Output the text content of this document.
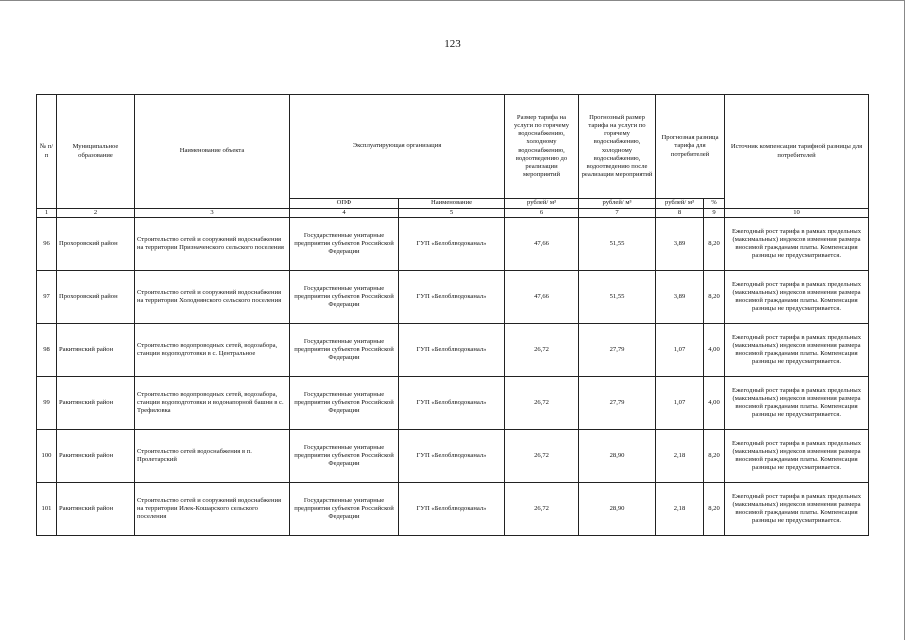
123
№ п/п	Муниципальное образование	Наименование объекта	Эксплуатирующая организация		Размер тарифа на услуги по горячему водоснабжению, холодному водоснабжению, водоотведению до реализации мероприятий	Прогнозный размер тарифа на услуги по горячему водоснабжению, холодному водоснабжению, водоотведению после реализации мероприятий	Прогнозная разница тарифа для потребителей		Источник компенсации тарифной разницы для потребителей
			ОПФ	Наименование	рублей/ м³	рублей/ м³	рублей/ м³	%	
1	2	3	4	5	6	7	8	9	10
96	Прохоровский район	Строительство сетей и сооружений водоснабжения на территории Призначенского сельского поселения	Государственные унитарные предприятия субъектов Российской Федерации	ГУП «Белоблводоканал»	47,66	51,55	3,89	8,20	Ежегодный рост тарифа в рамках предельных (максимальных) индексов изменения размера вносимой гражданами платы. Компенсация разницы не предусматривается.
97	Прохоровский район	Строительство сетей и сооружений водоснабжения на территории Холоднянского сельского поселения	Государственные унитарные предприятия субъектов Российской Федерации	ГУП «Белоблводоканал»	47,66	51,55	3,89	8,20	Ежегодный рост тарифа в рамках предельных (максимальных) индексов изменения размера вносимой гражданами платы. Компенсация разницы не предусматривается.
98	Ракитянский район	Строительство водопроводных сетей, водозабора, станции водоподготовки в с. Центральное	Государственные унитарные предприятия субъектов Российской Федерации	ГУП «Белоблводоканал»	26,72	27,79	1,07	4,00	Ежегодный рост тарифа в рамках предельных (максимальных) индексов изменения размера вносимой гражданами платы. Компенсация разницы не предусматривается.
99	Ракитянский район	Строительство водопроводных сетей, водозабора, станции водоподготовки и водонапорной башни в с. Трефиловка	Государственные унитарные предприятия субъектов Российской Федерации	ГУП «Белоблводоканал»	26,72	27,79	1,07	4,00	Ежегодный рост тарифа в рамках предельных (максимальных) индексов изменения размера вносимой гражданами платы. Компенсация разницы не предусматривается.
100	Ракитянский район	Строительство сетей водоснабжения в п. Пролетарский	Государственные унитарные предприятия субъектов Российской Федерации	ГУП «Белоблводоканал»	26,72	28,90	2,18	8,20	Ежегодный рост тарифа в рамках предельных (максимальных) индексов изменения размера вносимой гражданами платы. Компенсация разницы не предусматривается.
101	Ракитянский район	Строительство сетей и сооружений водоснабжения на территории Илек-Кошарского сельского поселения	Государственные унитарные предприятия субъектов Российской Федерации	ГУП «Белоблводоканал»	26,72	28,90	2,18	8,20	Ежегодный рост тарифа в рамках предельных (максимальных) индексов изменения размера вносимой гражданами платы. Компенсация разницы не предусматривается.
